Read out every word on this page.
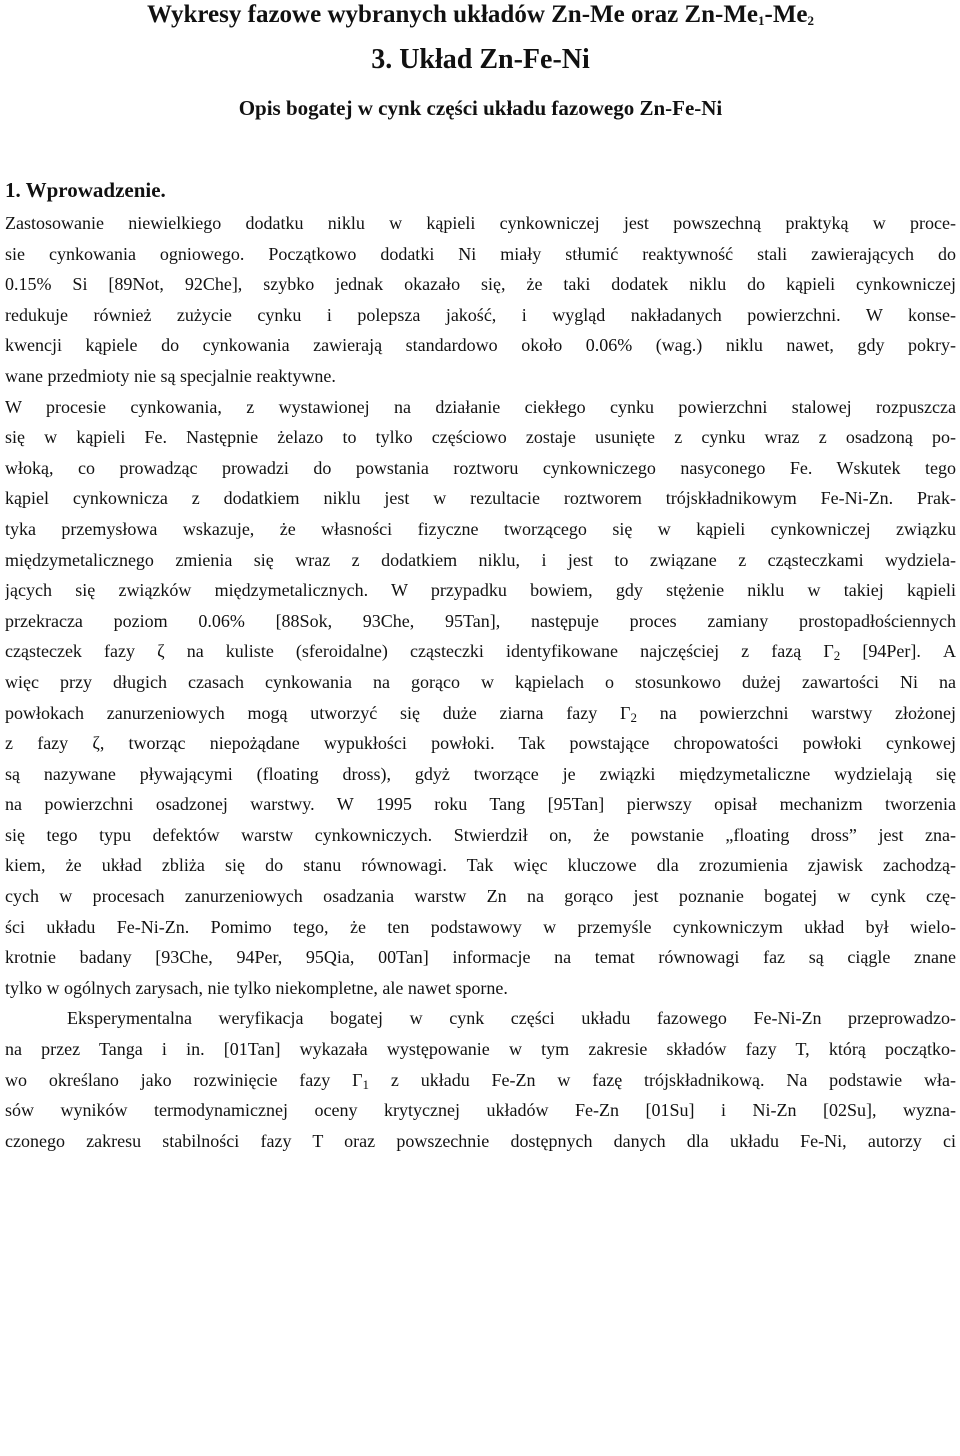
Wykresy fazowe wybranych układów Zn-Me oraz $Zn-Me_1-Me_2$
3. Układ Zn-Fe-Ni
Opis bogatej w cynk części układu fazowego Zn-Fe-Ni
1. Wprowadzenie.
Zastosowanie niewielkiego dodatku niklu w kąpieli cynkowniczej jest powszechną praktyką w proce-
sie cynkowania ogniowego. Początkowo dodatki Ni miały stłumić reaktywność stali zawierających do
0.15% Si [89Not, 92Che], szybko jednak okazało się, że taki dodatek niklu do kąpieli cynkowniczej
redukuje również zużycie cynku i polepsza jakość, i wygląd nakładanych powierzchni. W konse-
kwencji kąpiele do cynkowania zawierają standardowo około 0.06% (wag.) niklu nawet, gdy pokry-
wane przedmioty nie są specjalnie reaktywne.
W procesie cynkowania, z wystawionej na działanie ciekłego cynku powierzchni stalowej rozpuszcza
się w kąpieli Fe. Następnie żelazo to tylko częściowo zostaje usunięte z cynku wraz z osadzoną po-
włoką, co prowadząc prowadzi do powstania roztworu cynkowniczego nasyconego Fe. Wskutek tego
kąpiel cynkownicza z dodatkiem niklu jest w rezultacie roztworem trójskładnikowym Fe-Ni-Zn. Prak-
tyka przemysłowa wskazuje, że własności fizyczne tworzącego się w kąpieli cynkowniczej związku
międzymetalicznego zmienia się wraz z dodatkiem niklu, i jest to związane z cząsteczkami wydziela-
jących się związków międzymetalicznych. W przypadku bowiem, gdy stężenie niklu w takiej kąpieli
przekracza poziom 0.06% [88Sok, 93Che, 95Tan], następuje proces zamiany prostopadłościennych
cząsteczek fazy ζ na kuliste (sferoidalne) cząsteczki identyfikowane najczęściej z fazą $\Gamma_2$ [94Per]. A
więc przy długich czasach cynkowania na gorąco w kąpielach o stosunkowo dużej zawartości Ni na
powłokach zanurzeniowych mogą utworzyć się duże ziarna fazy $\Gamma_2$ na powierzchni warstwy złożonej
z fazy ζ, tworząc niepożądane wypukłości powłoki. Tak powstające chropowatości powłoki cynkowej
są nazywane pływającymi (floating dross), gdyż tworzące je związki międzymetaliczne wydzielają się
na powierzchni osadzonej warstwy. W 1995 roku Tang [95Tan] pierwszy opisał mechanizm tworzenia
się tego typu defektów warstw cynkowniczych. Stwierdził on, że powstanie „floating dross” jest zna-
kiem, że układ zbliża się do stanu równowagi. Tak więc kluczowe dla zrozumienia zjawisk zachodzą-
cych w procesach zanurzeniowych osadzania warstw Zn na gorąco jest poznanie bogatej w cynk czę-
ści układu Fe-Ni-Zn. Pomimo tego, że ten podstawowy w przemyśle cynkowniczym układ był wielo-
krotnie badany [93Che, 94Per, 95Qia, 00Tan] informacje na temat równowagi faz są ciągle znane
tylko w ogólnych zarysach, nie tylko niekompletne, ale nawet sporne.
Eksperymentalna weryfikacja bogatej w cynk części układu fazowego Fe-Ni-Zn przeprowadzo-
na przez Tanga i in. [01Tan] wykazała występowanie w tym zakresie składów fazy T, którą początko-
wo określano jako rozwinięcie fazy $\Gamma_1$ z układu Fe-Zn w fazę trójskładnikową. Na podstawie wła-
sów wyników termodynamicznej oceny krytycznej układów Fe-Zn [01Su] i Ni-Zn [02Su], wyzna-
czonego zakresu stabilności fazy T oraz powszechnie dostępnych danych dla układu Fe-Ni, autorzy ci
